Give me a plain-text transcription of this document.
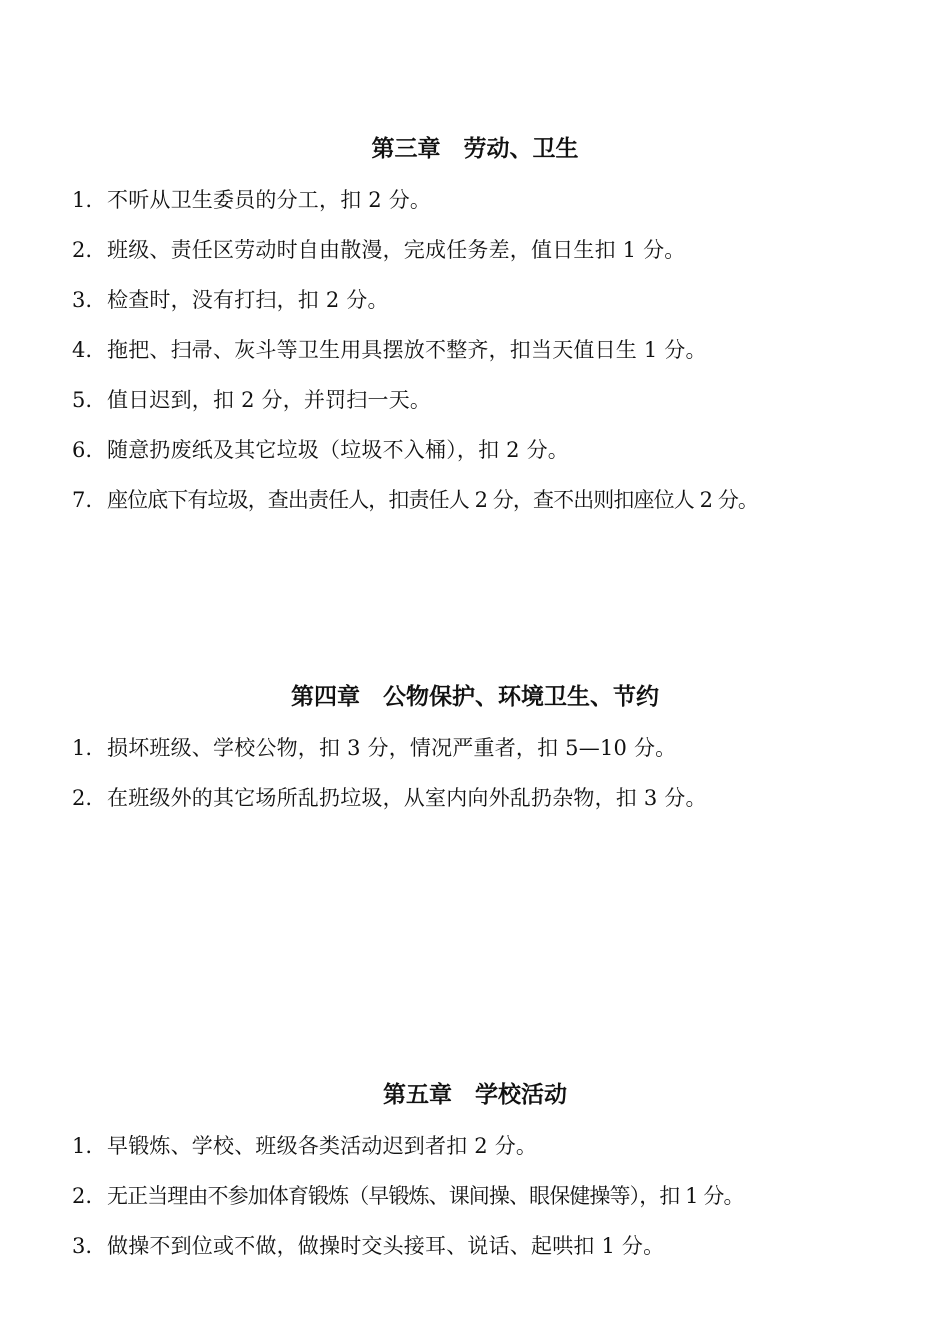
第三章　劳动、卫生
1. 不听从卫生委员的分工，扣 2 分。
2. 班级、责任区劳动时自由散漫，完成任务差，值日生扣 1 分。
3. 检查时，没有打扫，扣 2 分。
4. 拖把、扫帚、灰斗等卫生用具摆放不整齐，扣当天值日生 1 分。
5. 值日迟到，扣 2 分，并罚扫一天。
6. 随意扔废纸及其它垃圾（垃圾不入桶），扣 2 分。
7. 座位底下有垃圾，查出责任人，扣责任人 2 分，查不出则扣座位人 2 分。
第四章　公物保护、环境卫生、节约
1. 损坏班级、学校公物，扣 3 分，情况严重者，扣 5—10 分。
2. 在班级外的其它场所乱扔垃圾，从室内向外乱扔杂物，扣 3 分。
第五章　学校活动
1. 早锻炼、学校、班级各类活动迟到者扣 2 分。
2. 无正当理由不参加体育锻炼（早锻炼、课间操、眼保健操等），扣 1 分。
3. 做操不到位或不做，做操时交头接耳、说话、起哄扣 1 分。
